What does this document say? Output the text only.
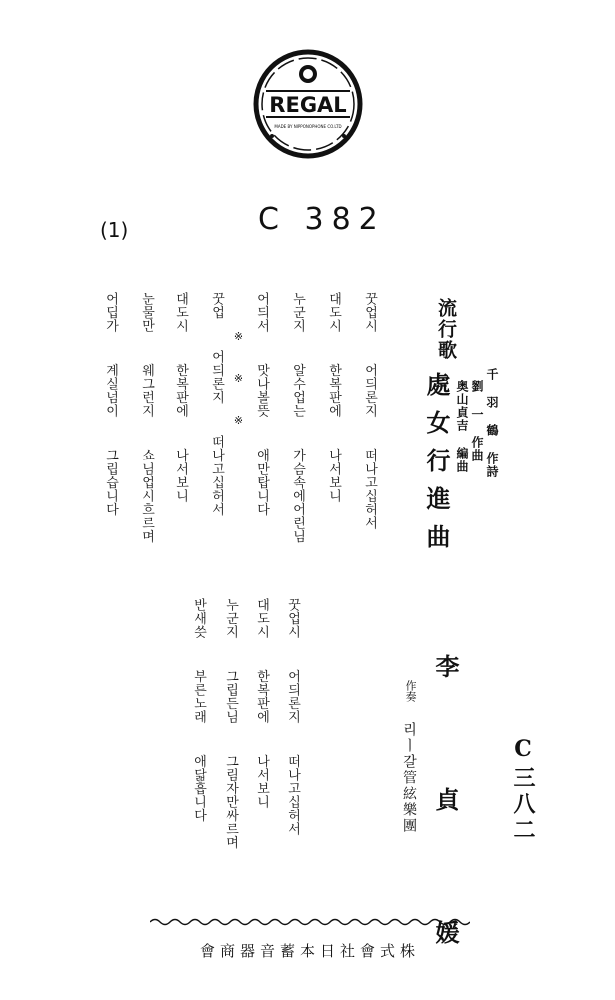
REGAL
MADE BY NIPPONOPHONE CO.LTD
(1)	C 382
꿋업시  어듸론지  떠나고십허서
대도시  한복판에  나서보니
누군지  알수업는  가슴속에어린님
어듸서  맛나볼뜻  애만탑니다
※ ※ ※
꿋업  어듸론지  떠나고십허서
대도시  한복판에  나서보니
눈물만  웨그런지  쇼님업시흐르며
어딥가  계실넘이  그립습니다	流行歌
處女行進曲	千 羽 鶴 作詩
劉 一 作曲
奥山貞吉 編曲
꿋업시  어듸론지  떠나고십허서
대도시  한복판에  나서보니
누군지  그립든님  그림자만싸르며
반새씃  부른노래  애닯흡니다	李 貞 媛
作奏
리ㅣ갈管絃樂團	C三八二
株式會社日本蓄音器商會
